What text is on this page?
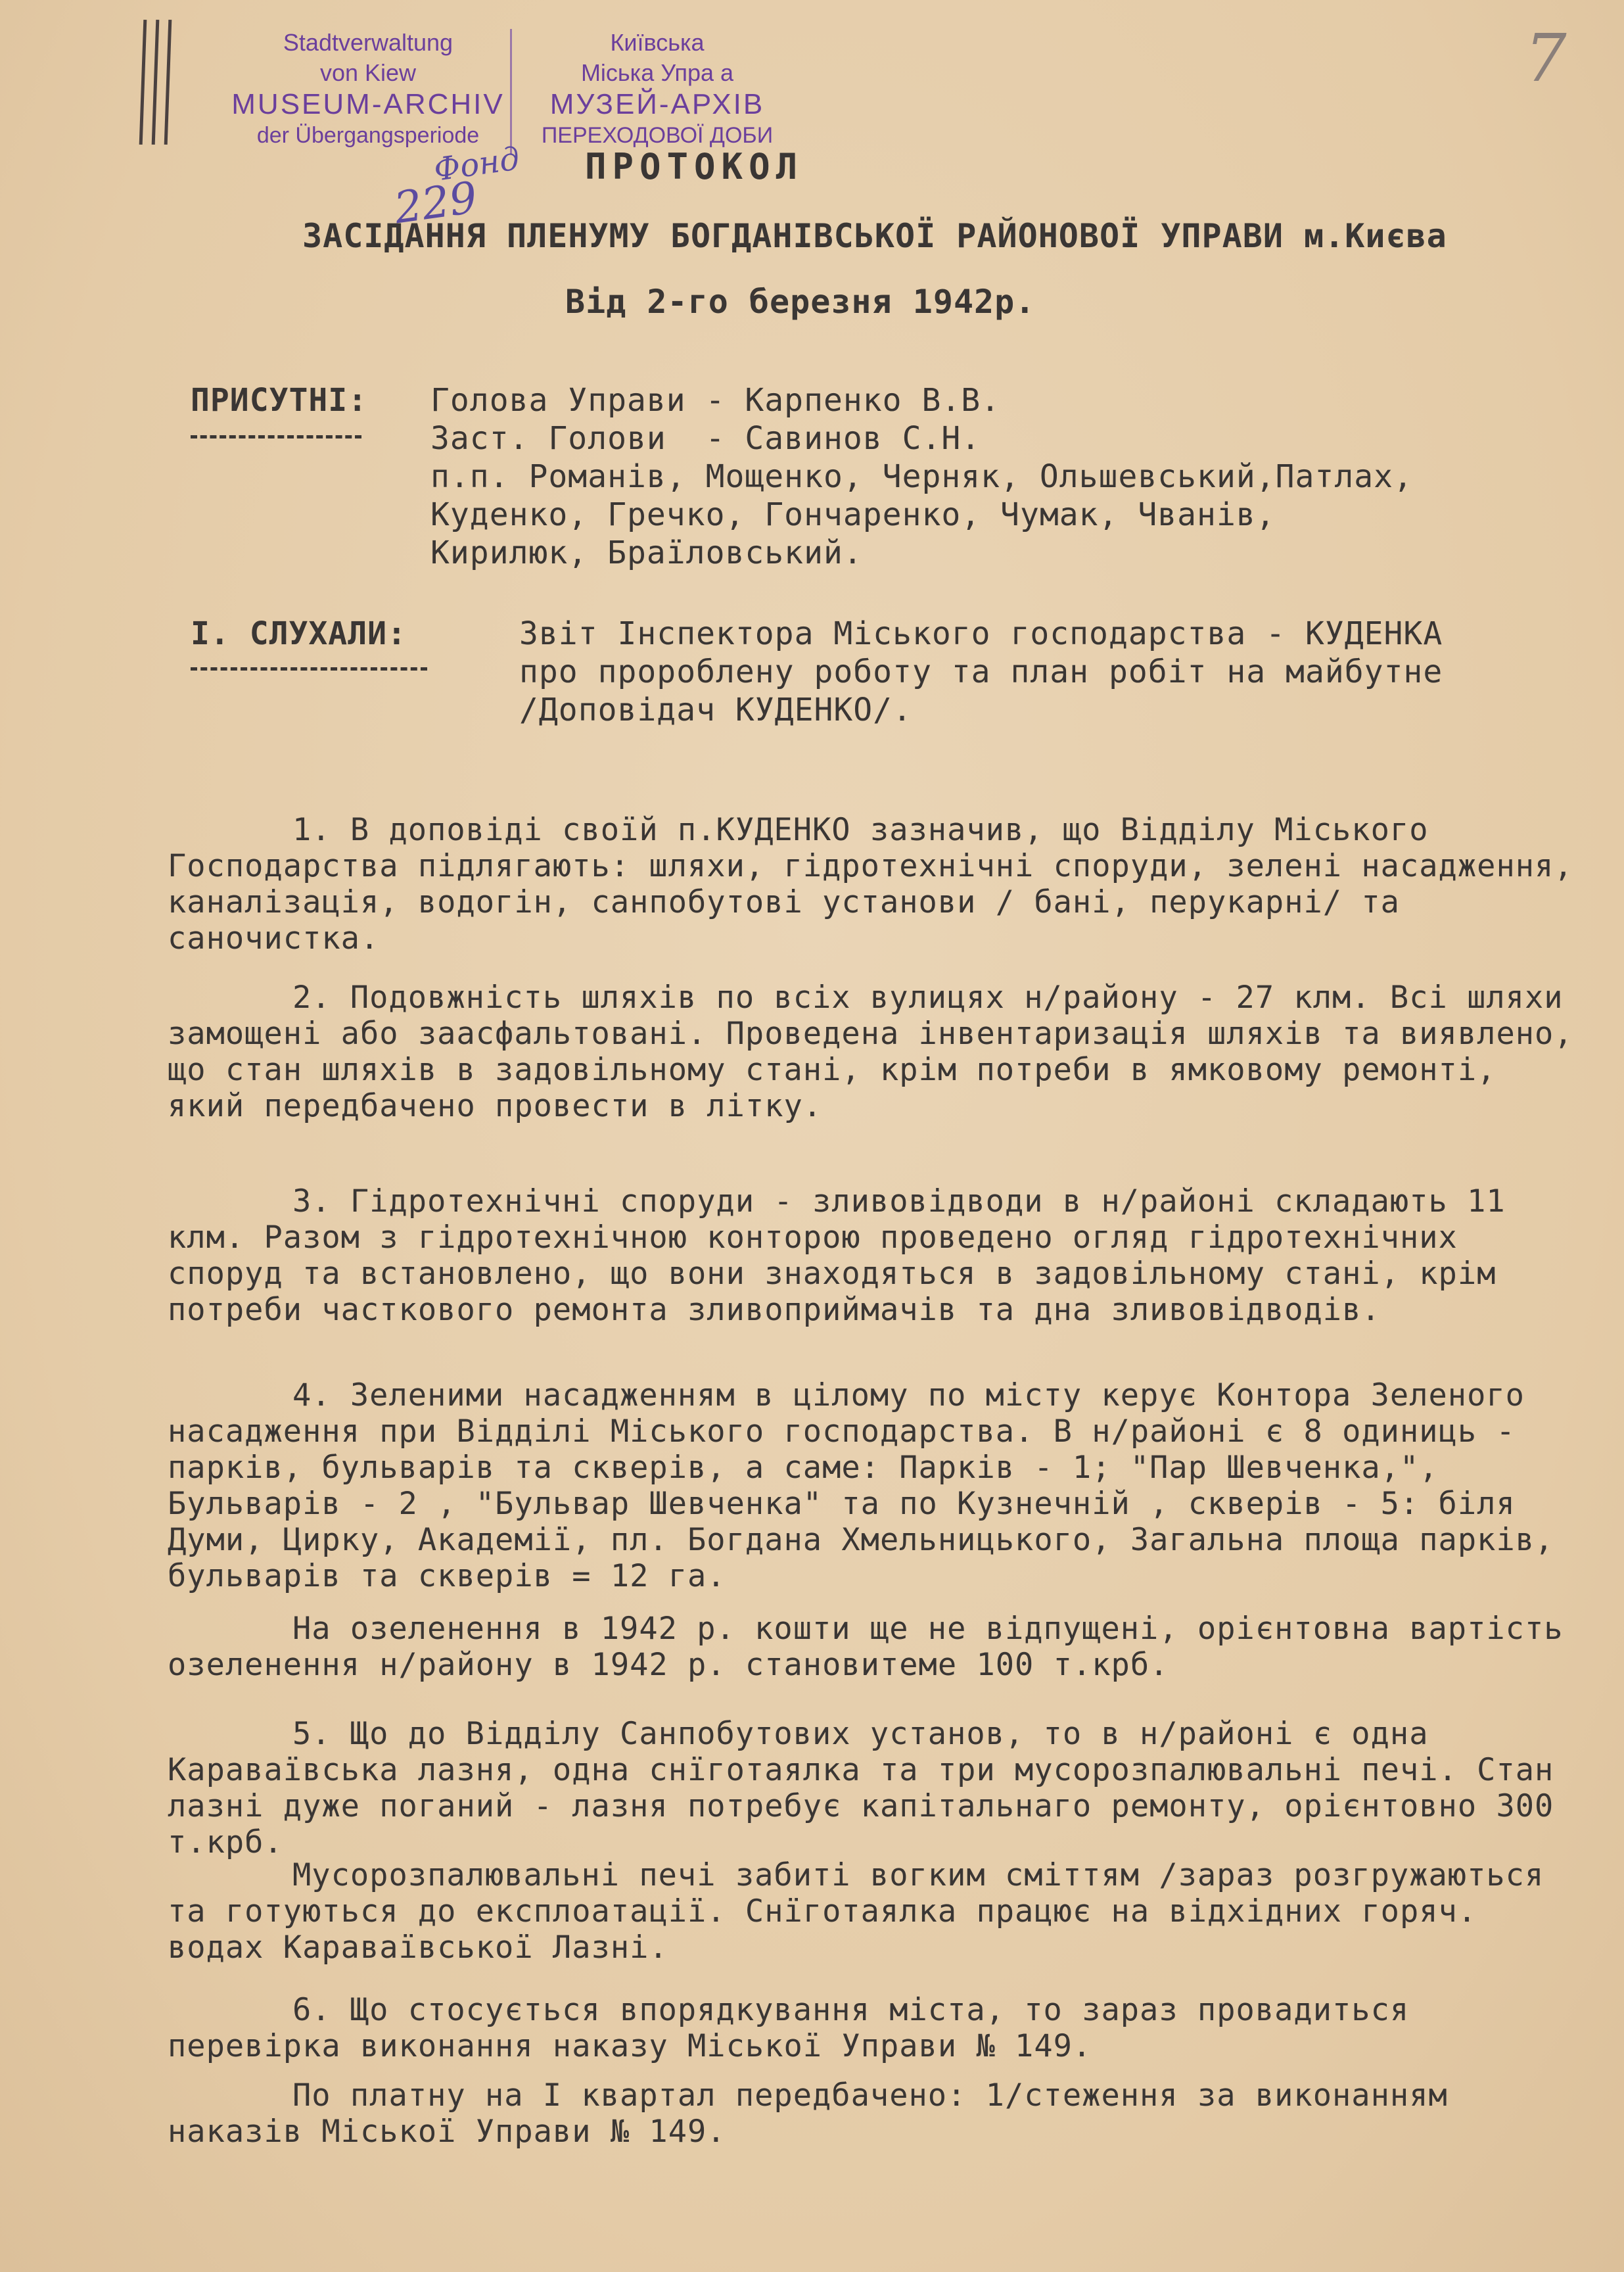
Stadtverwaltung
von Kiew
MUSEUM-ARCHIV
der Übergangsperiode
Київська
Міська Упра а
МУЗЕЙ-АРХІВ
ПЕРЕХОДОВОЇ ДОБИ
7
Фонд
229
ПРОТОКОЛ
ЗАСІДАННЯ ПЛЕНУМУ БОГДАНІВСЬКОЇ РАЙОНОВОЇ УПРАВИ м.Києва
Від 2-го березня 1942р.
ПРИСУТНІ: Голова Управи - Карпенко В.В.
Заст. Голови  - Савинов С.Н.
п.п. Романів, Мощенко, Черняк, Ольшевський,Патлах,
Куденко, Гречко, Гончаренко, Чумак, Чванів,
Кирилюк, Браїловський.
I. СЛУХАЛИ:	Звіт Інспектора Міського господарства - КУДЕНКА
про пророблену роботу та план робіт на майбутне
/Доповідач КУДЕНКО/.

1. В доповіді своїй п.КУДЕНКО зазначив, що Відділу Міського Господарства підлягають: шляхи, гідротехнічні споруди, зелені насадження, каналізація, водогін, санпобутові установи / бані, перукарні/ та саночистка.

2. Подовжність шляхів по всіх вулицях н/району - 27 клм. Всі шляхи замощені або заасфальтовані. Проведена інвентаризація шляхів та виявлено, що стан шляхів в задовільному стані, крім потреби в ямковому ремонті, який передбачено провести в літку.

3. Гідротехнічні споруди - зливовідводи в н/районі складають 11 клм. Разом з гідротехнічною конторою проведено огляд гідротехнічних споруд та встановлено, що вони знаходяться в задовільному стані, крім потреби часткового ремонта зливоприймачів та дна зливовідводів.

4. Зеленими насадженням в цілому по місту керує Контора Зеленого насадження при Відділі Міського господарства. В н/районі є 8 одиниць - парків, бульварів та скверів, а саме: Парків - 1; "Пар Шевченка,", Бульварів - 2 , "Бульвар Шевченка" та по Кузнечній , скверів - 5: біля Думи, Цирку, Академії, пл. Богдана Хмельницького, Загальна площа парків, бульварів та скверів = 12 га.

На озеленення в 1942 р. кошти ще не відпущені, орієнтовна вартість озеленення н/району в 1942 р. становитеме 100 т.крб.

5. Що до Відділу Санпобутових установ, то в н/районі є одна Караваївська лазня, одна снїготаялка та три мусорозпалювальні печі. Стан лазні дуже поганий - лазня потребує капітальнаго ремонту, орієнтовно 300 т.крб.

Мусорозпалювальні печі забиті вогким сміттям /зараз розгружаються та готуються до експлоатації. Снїготаялка працює на відхідних горяч. водах Караваївської Лазні.

6. Що стосується впорядкування міста, то зараз провадиться перевірка виконання наказу Міської Управи № 149.

По платну на I квартал передбачено: 1/стеження за виконанням наказів Міської Управи № 149.
